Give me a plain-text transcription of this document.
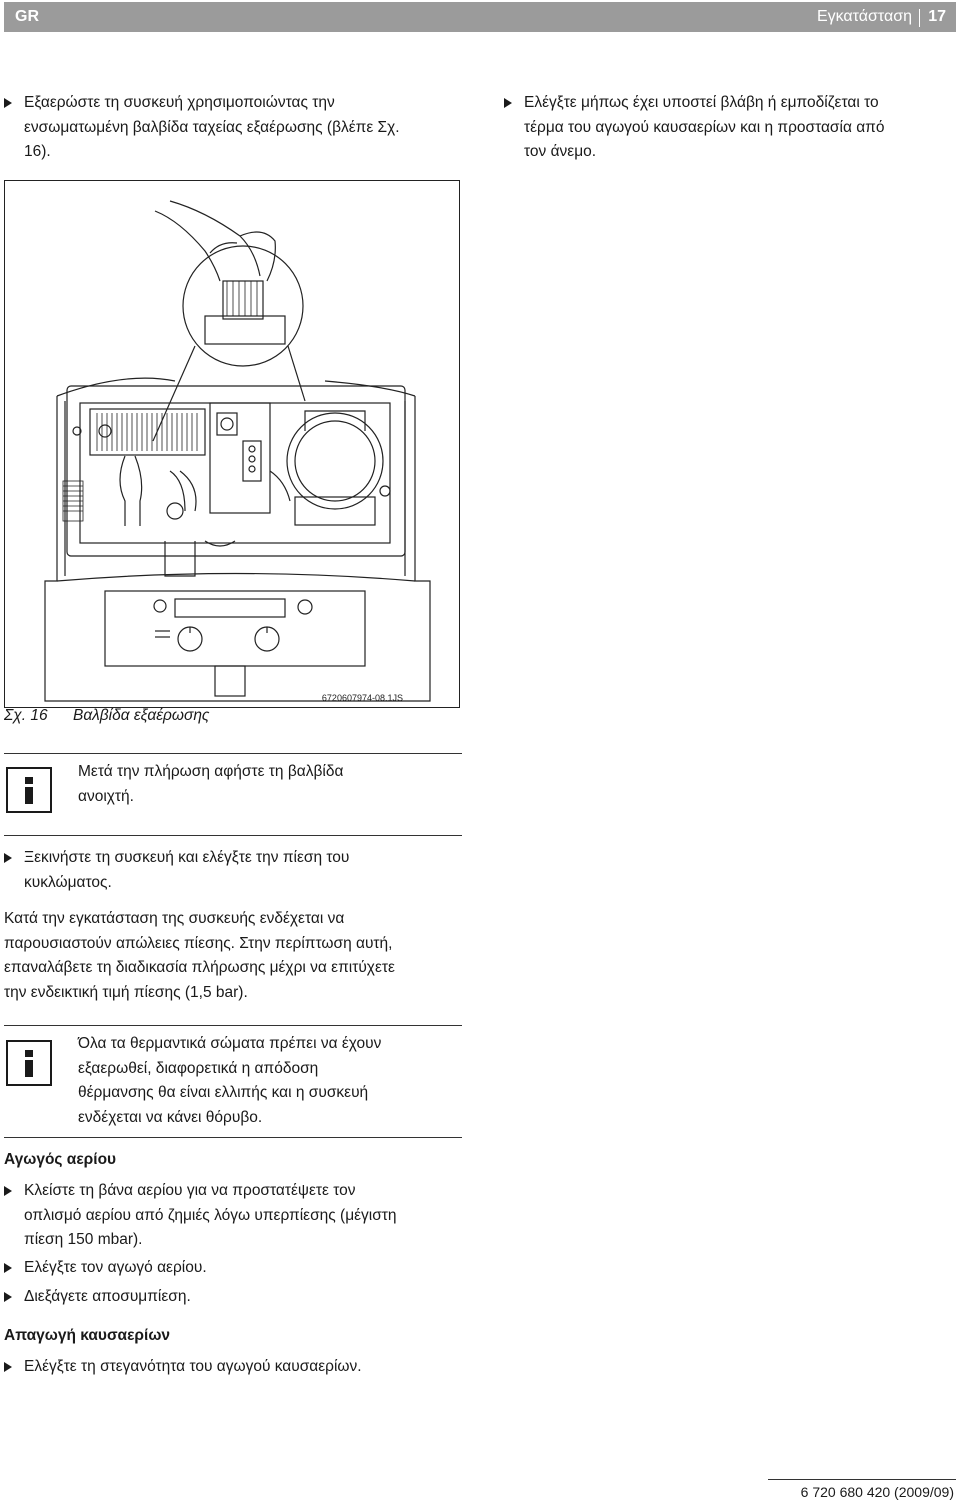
GR	Εγκατάσταση 17
Εξαερώστε τη συσκευή χρησιμοποιώντας την
ενσωματωμένη βαλβίδα ταχείας εξαέρωσης (βλέπε Σχ.
16).
Ελέγξτε μήπως έχει υποστεί βλάβη ή εμποδίζεται το
τέρμα του αγωγού καυσαερίων και η προστασία από
τον άνεμο.
6720607974-08.1JS
Σχ. 16 Βαλβίδα εξαέρωσης
Μετά την πλήρωση αφήστε τη βαλβίδα
ανοιχτή.
Ξεκινήστε τη συσκευή και ελέγξτε την πίεση του
κυκλώματος.
Κατά την εγκατάσταση της συσκευής ενδέχεται να
παρουσιαστούν απώλειες πίεσης. Στην περίπτωση αυτή,
επαναλάβετε τη διαδικασία πλήρωσης μέχρι να επιτύχετε
την ενδεικτική τιμή πίεσης (1,5 bar).
Όλα τα θερμαντικά σώματα πρέπει να έχουν
εξαερωθεί, διαφορετικά η απόδοση
θέρμανσης θα είναι ελλιπής και η συσκευή
ενδέχεται να κάνει θόρυβο.
Αγωγός αερίου
Κλείστε τη βάνα αερίου για να προστατέψετε τον
οπλισμό αερίου από ζημιές λόγω υπερπίεσης (μέγιστη
πίεση 150 mbar).
Ελέγξτε τον αγωγό αερίου.
Διεξάγετε αποσυμπίεση.
Απαγωγή καυσαερίων
Ελέγξτε τη στεγανότητα του αγωγού καυσαερίων.
6 720 680 420 (2009/09)
